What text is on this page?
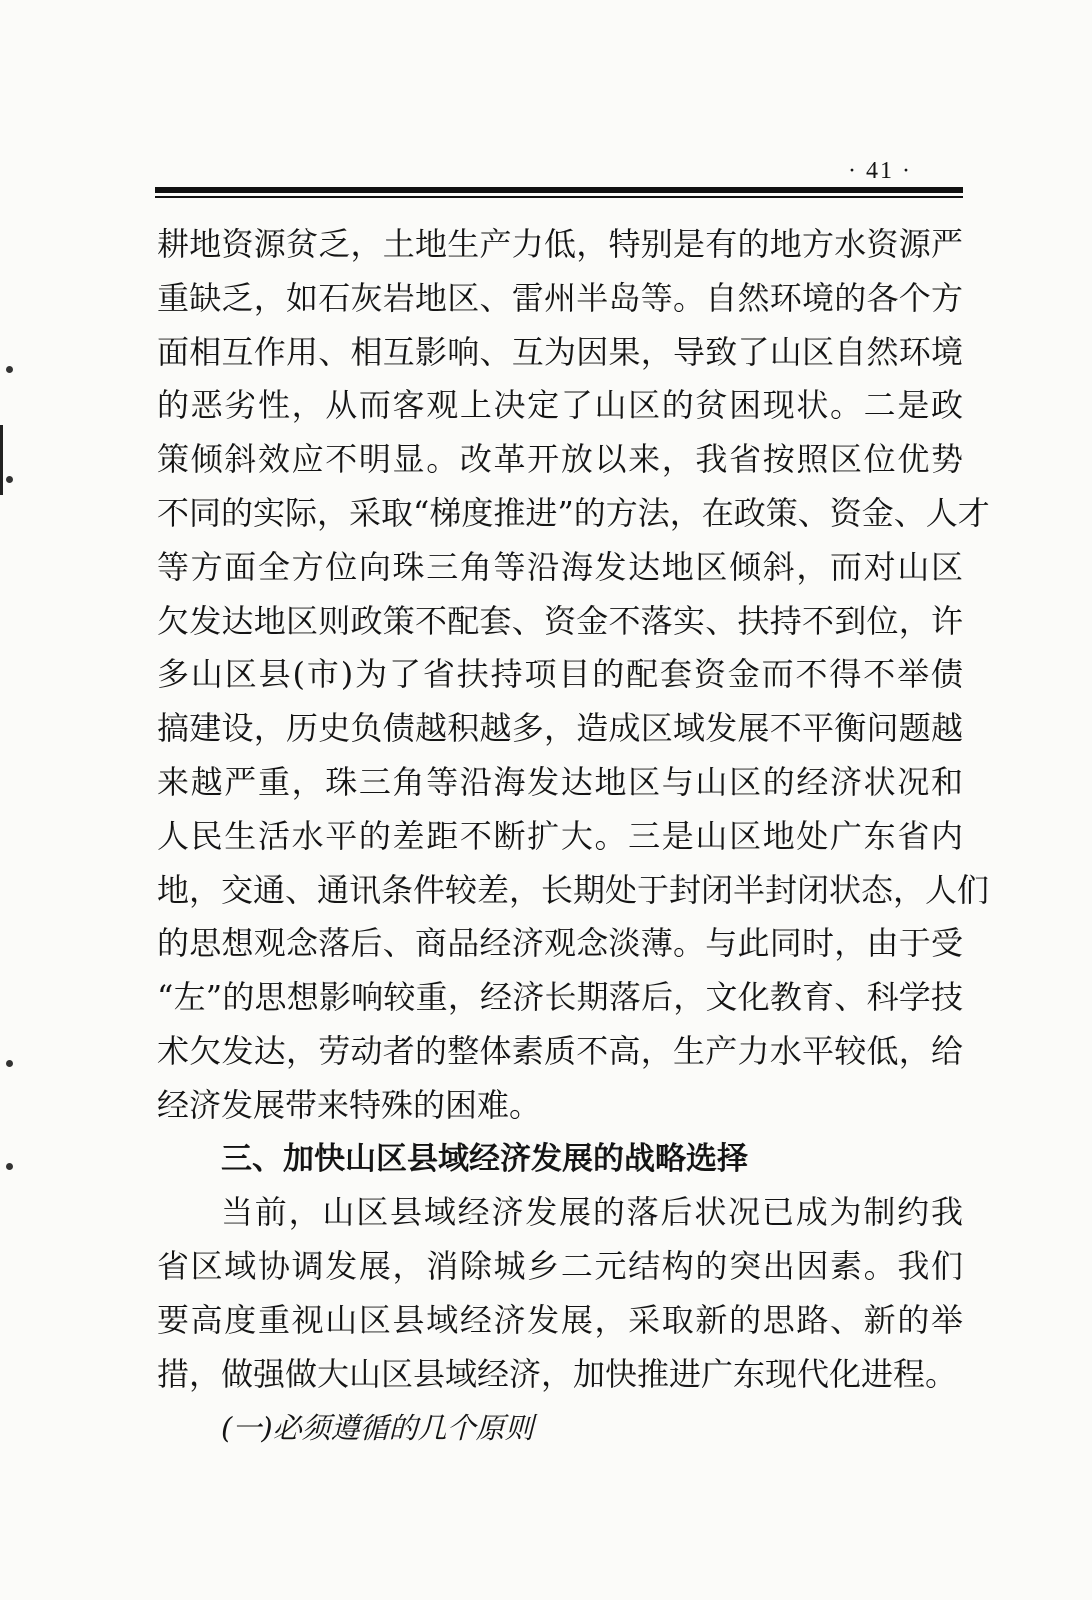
· 41 ·
耕地资源贫乏，土地生产力低，特别是有的地方水资源严
重缺乏，如石灰岩地区、雷州半岛等。自然环境的各个方
面相互作用、相互影响、互为因果，导致了山区自然环境
的恶劣性，从而客观上决定了山区的贫困现状。二是政
策倾斜效应不明显。改革开放以来，我省按照区位优势
不同的实际，采取“梯度推进”的方法，在政策、资金、人才
等方面全方位向珠三角等沿海发达地区倾斜，而对山区
欠发达地区则政策不配套、资金不落实、扶持不到位，许
多山区县(市)为了省扶持项目的配套资金而不得不举债
搞建设，历史负债越积越多，造成区域发展不平衡问题越
来越严重，珠三角等沿海发达地区与山区的经济状况和
人民生活水平的差距不断扩大。三是山区地处广东省内
地，交通、通讯条件较差，长期处于封闭半封闭状态，人们
的思想观念落后、商品经济观念淡薄。与此同时，由于受
“左”的思想影响较重，经济长期落后，文化教育、科学技
术欠发达，劳动者的整体素质不高，生产力水平较低，给
经济发展带来特殊的困难。
三、加快山区县域经济发展的战略选择
当前，山区县域经济发展的落后状况已成为制约我
省区域协调发展，消除城乡二元结构的突出因素。我们
要高度重视山区县域经济发展，采取新的思路、新的举
措，做强做大山区县域经济，加快推进广东现代化进程。
(一)必须遵循的几个原则
